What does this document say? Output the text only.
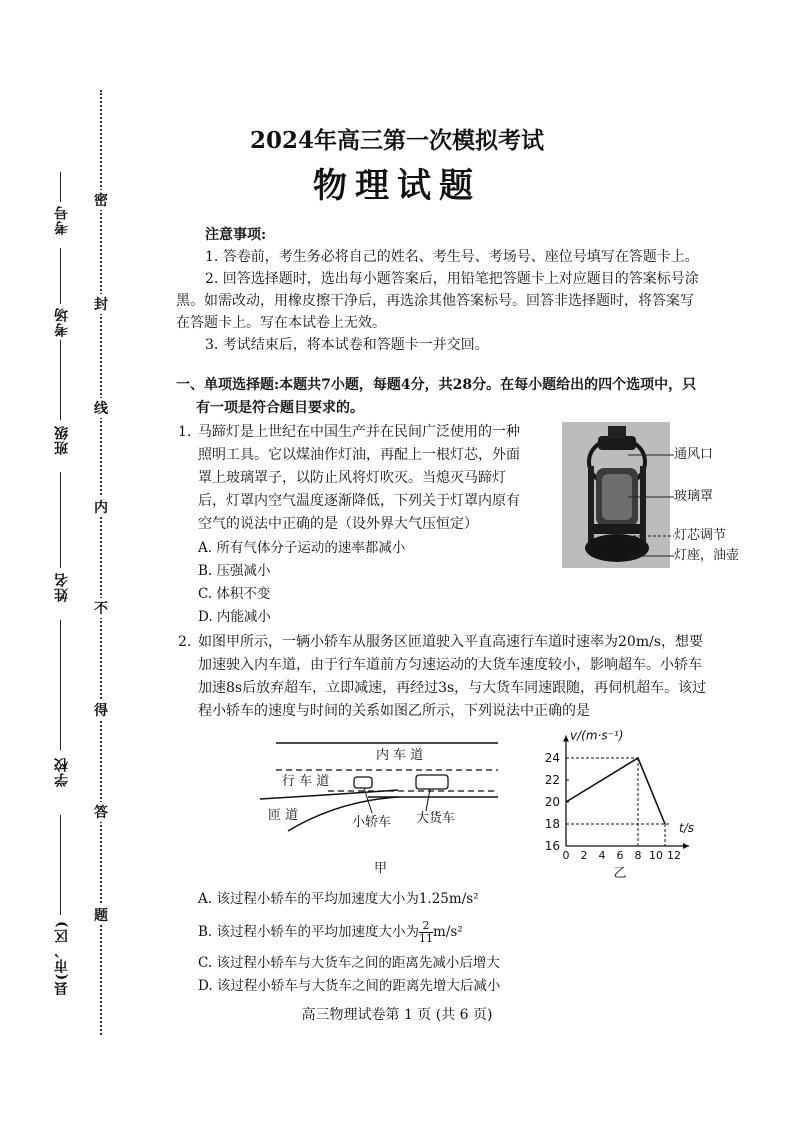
考号
考场
班级
姓名
学校
县(市、区)
密
封
线
内
不
得
答
题
2024年高三第一次模拟考试
物理试题
注意事项:
1. 答卷前，考生务必将自己的姓名、考生号、考场号、座位号填写在答题卡上。
2. 回答选择题时，选出每小题答案后，用铅笔把答题卡上对应题目的答案标号涂
黑。如需改动，用橡皮擦干净后，再选涂其他答案标号。回答非选择题时，将答案写
在答题卡上。写在本试卷上无效。
3. 考试结束后，将本试卷和答题卡一并交回。
一、单项选择题:本题共7小题，每题4分，共28分。在每小题给出的四个选项中，只
有一项是符合题目要求的。
1. 马蹄灯是上世纪在中国生产并在民间广泛使用的一种
照明工具。它以煤油作灯油，再配上一根灯芯，外面
罩上玻璃罩子，以防止风将灯吹灭。当熄灭马蹄灯
后，灯罩内空气温度逐渐降低，下列关于灯罩内原有
空气的说法中正确的是（设外界大气压恒定）
A. 所有气体分子运动的速率都减小
B. 压强减小
C. 体积不变
D. 内能减小
通风口
玻璃罩
灯芯调节
灯座，油壶
2. 如图甲所示，一辆小轿车从服务区匝道驶入平直高速行车道时速率为20m/s，想要
加速驶入内车道，由于行车道前方匀速运动的大货车速度较小，影响超车。小轿车
加速8s后放弃超车，立即减速，再经过3s，与大货车同速跟随，再伺机超车。该过
程小轿车的速度与时间的关系如图乙所示，下列说法中正确的是
内 车 道
行 车 道
匝 道	小轿车 大货车
甲
16
18
20
22
24
0 2 4 6 8 10 12
v/(m·s⁻¹)
t/s
乙
A. 该过程小轿车的平均加速度大小为1.25m/s²
B. 该过程小轿车的平均加速度大小为 $\frac{2}{11} m/s^2$
C. 该过程小轿车与大货车之间的距离先减小后增大
D. 该过程小轿车与大货车之间的距离先增大后减小
高三物理试卷第 1 页 (共 6 页)
